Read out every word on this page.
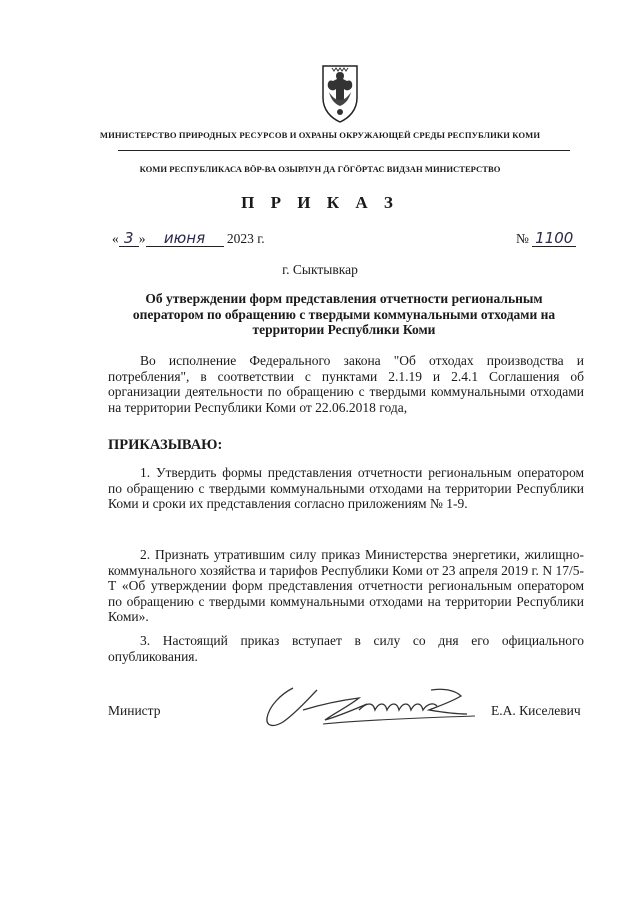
МИНИСТЕРСТВО ПРИРОДНЫХ РЕСУРСОВ И ОХРАНЫ ОКРУЖАЮЩЕЙ СРЕДЫ РЕСПУБЛИКИ КОМИ
КОМИ РЕСПУБЛИКАСА ВӦР-ВА ОЗЫРЛУН ДА ГӦГӦРТАС ВИДЗАН МИНИСТЕРСТВО
П Р И К А З
« 3 » июня 2023 г.	№ 1100
г. Сыктывкар
Об утверждении форм представления отчетности региональным оператором по обращению с твердыми коммунальными отходами на территории Республики Коми

Во исполнение Федерального закона "Об отходах производства и потребления", в соответствии с пунктами 2.1.19 и 2.4.1 Соглашения об организации деятельности по обращению с твердыми коммунальными отходами на территории Республики Коми от 22.06.2018 года,

ПРИКАЗЫВАЮ:

1. Утвердить формы представления отчетности региональным оператором по обращению с твердыми коммунальными отходами на территории Республики Коми и сроки их представления согласно приложениям № 1-9.

2. Признать утратившим силу приказ Министерства энергетики, жилищно-коммунального хозяйства и тарифов Республики Коми от 23 апреля 2019 г. N 17/5-Т «Об утверждении форм представления отчетности региональным оператором по обращению с твердыми коммунальными отходами на территории Республики Коми».

3. Настоящий приказ вступает в силу со дня его официального опубликования.

Министр	Е.А. Киселевич
